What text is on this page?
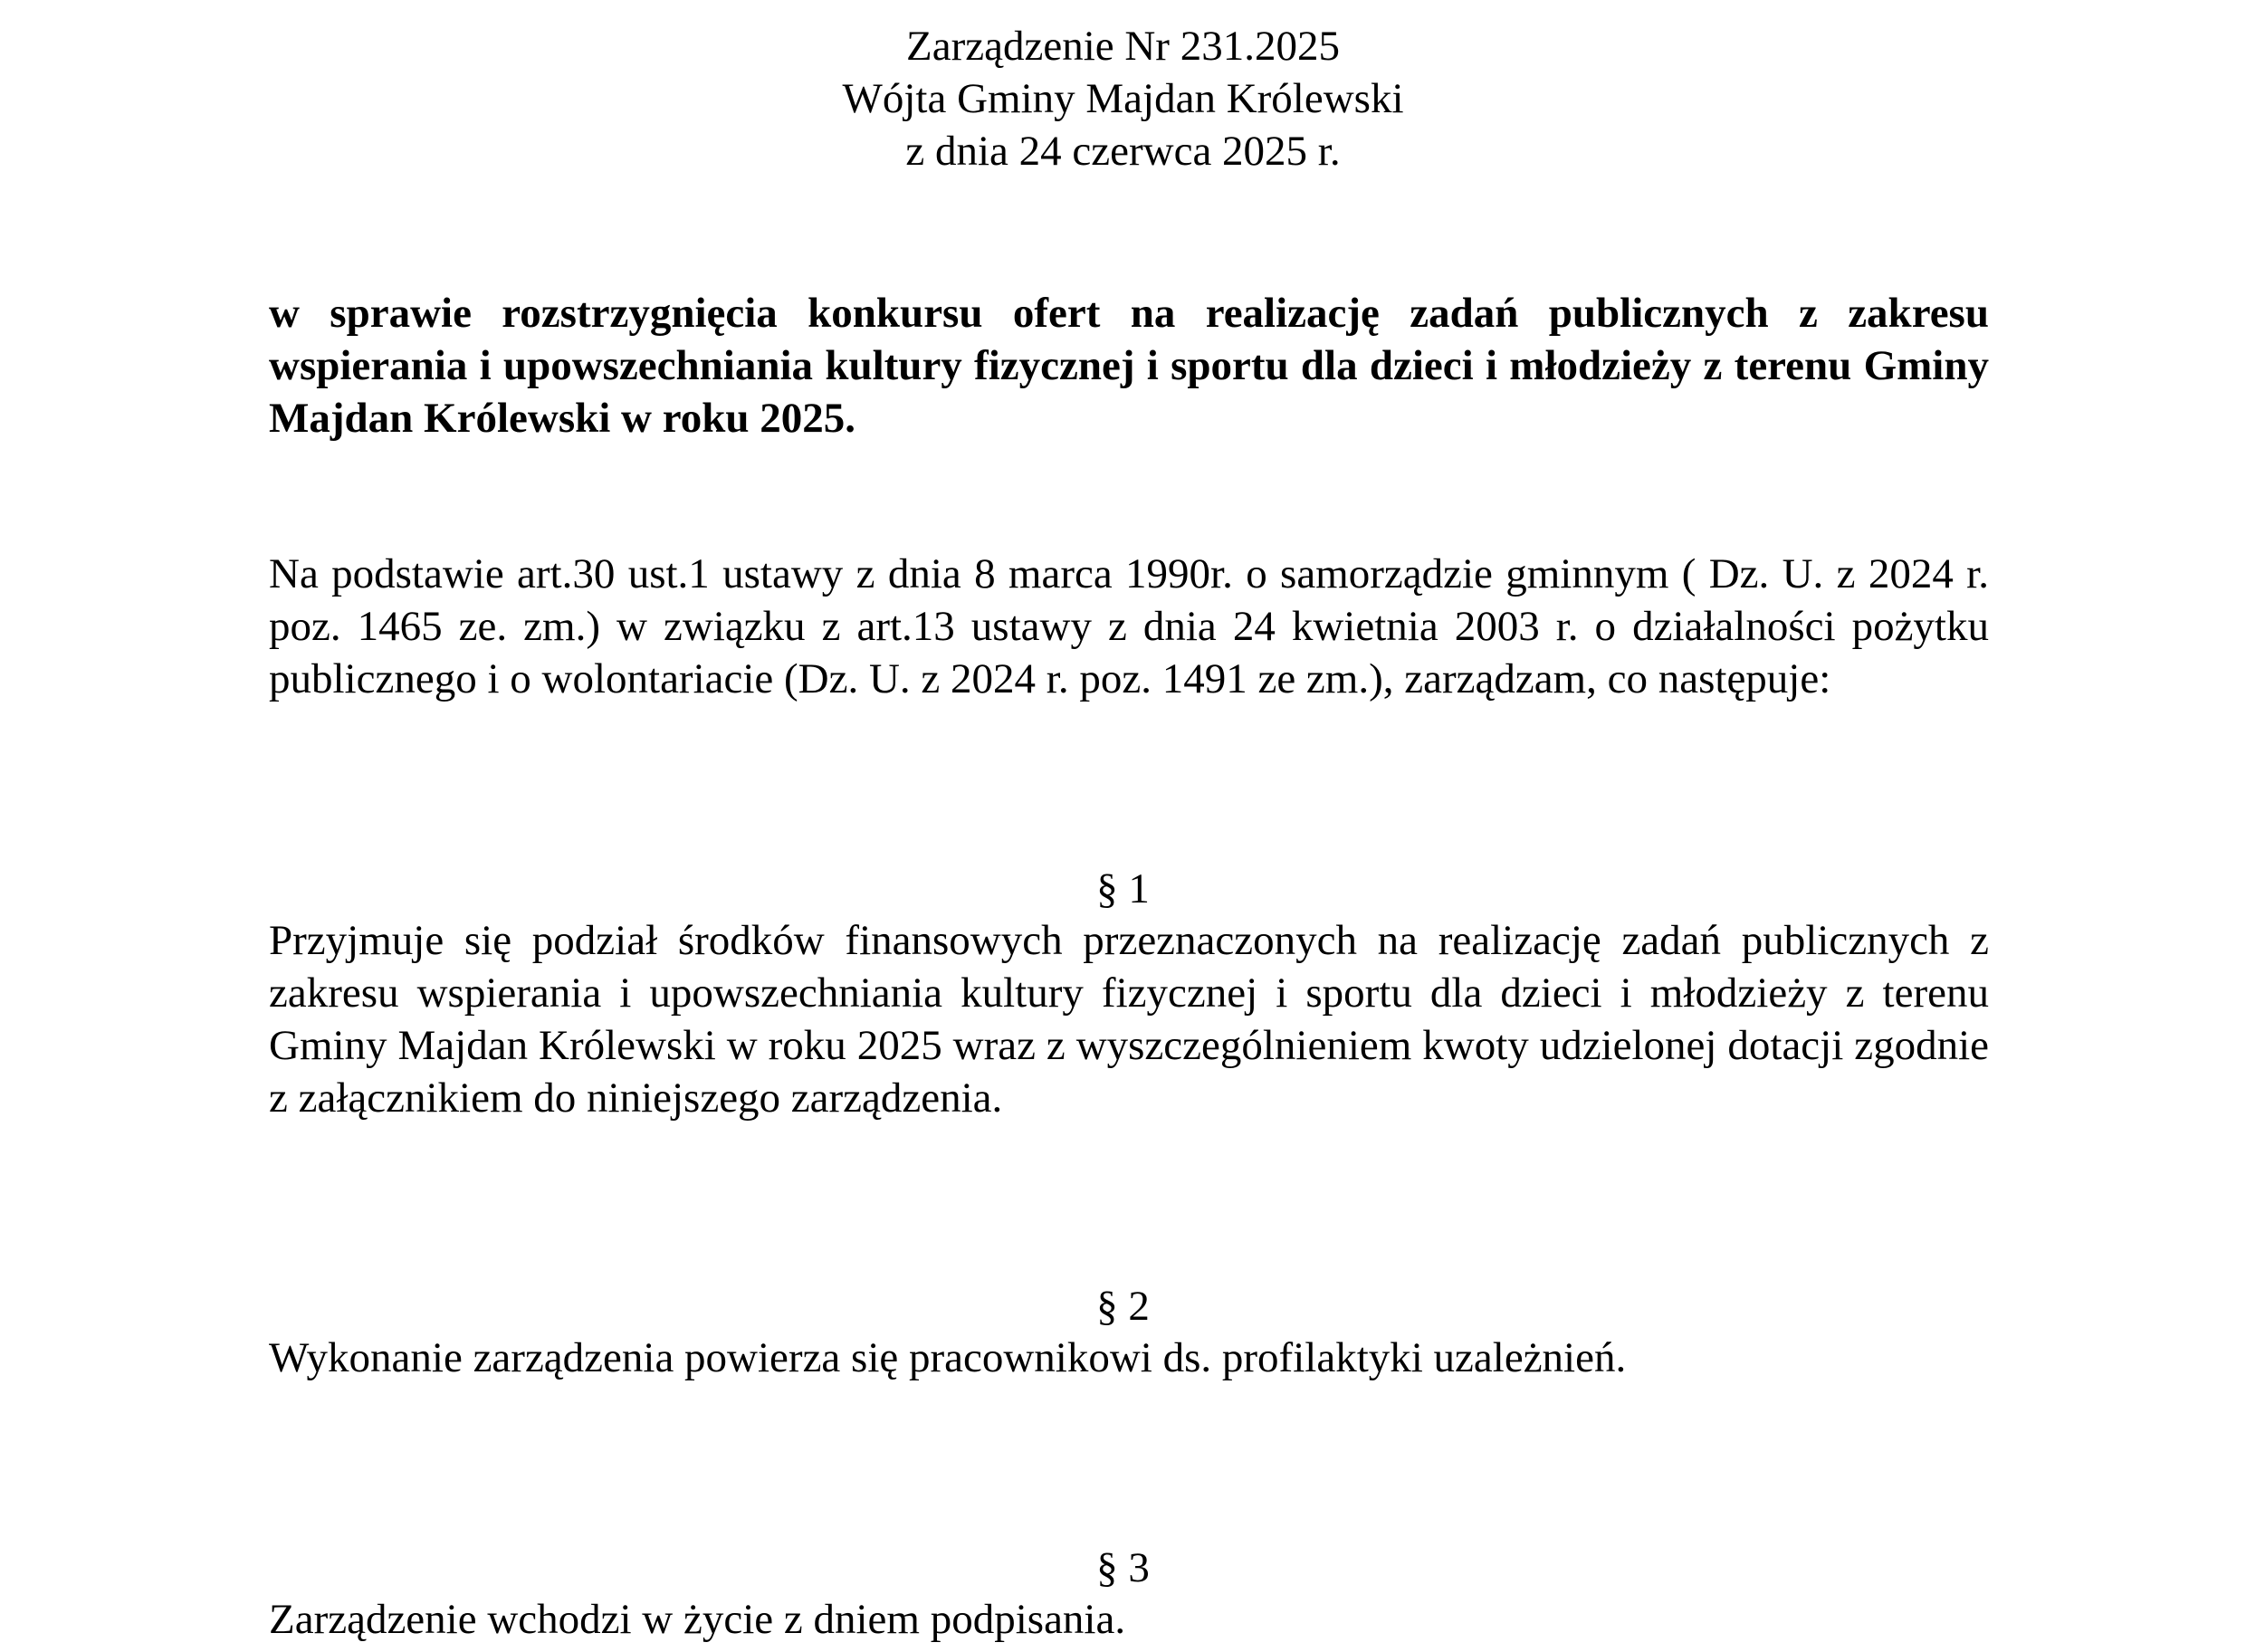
Zarządzenie Nr 231.2025
Wójta Gminy Majdan Królewski
z dnia 24 czerwca 2025 r.
w sprawie rozstrzygnięcia konkursu ofert na realizację zadań publicznych z zakresu wspierania i upowszechniania kultury fizycznej i sportu dla dzieci i młodzieży z terenu Gminy Majdan Królewski w roku 2025.
Na podstawie art.30 ust.1 ustawy z dnia 8 marca 1990r. o samorządzie gminnym ( Dz. U. z 2024 r. poz. 1465 ze. zm.) w związku z art.13 ustawy z dnia 24 kwietnia 2003 r. o działalności pożytku publicznego i o wolontariacie (Dz. U. z 2024 r. poz. 1491 ze zm.), zarządzam, co następuje:
§ 1
Przyjmuje się podział środków finansowych przeznaczonych na realizację zadań publicznych z zakresu wspierania i upowszechniania kultury fizycznej i sportu dla dzieci i młodzieży z terenu Gminy Majdan Królewski w roku 2025 wraz z wyszczególnieniem kwoty udzielonej dotacji zgodnie z załącznikiem do niniejszego zarządzenia.
§ 2
Wykonanie zarządzenia powierza się pracownikowi ds. profilaktyki uzależnień.
§ 3
Zarządzenie wchodzi w życie z dniem podpisania.
